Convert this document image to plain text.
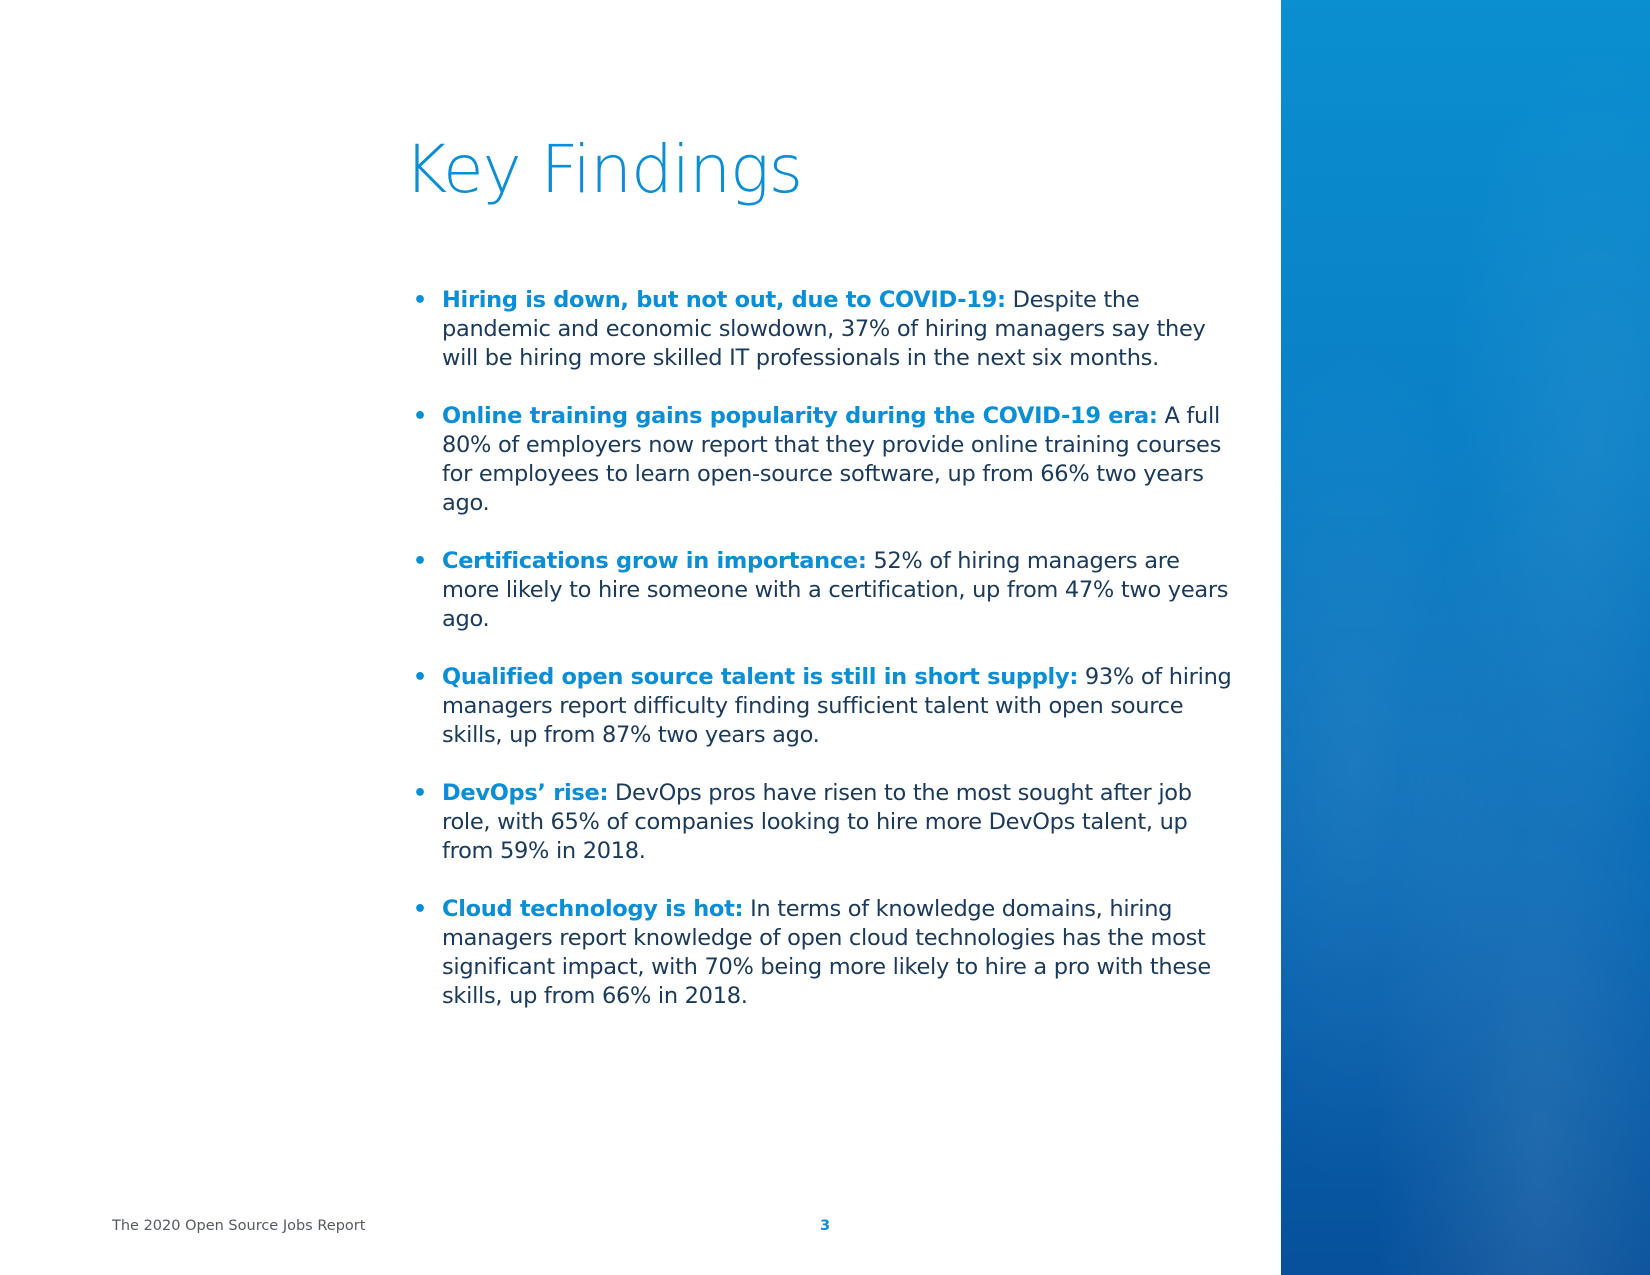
Key Findings
• Hiring is down, but not out, due to COVID-19: Despite the pandemic and economic slowdown, 37% of hiring managers say they will be hiring more skilled IT professionals in the next six months.
• Online training gains popularity during the COVID-19 era: A full 80% of employers now report that they provide online training courses for employees to learn open-source software, up from 66% two years ago.
• Certifications grow in importance: 52% of hiring managers are more likely to hire someone with a certification, up from 47% two years ago.
• Qualified open source talent is still in short supply: 93% of hiring managers report difficulty finding sufficient talent with open source skills, up from 87% two years ago.
• DevOps’ rise: DevOps pros have risen to the most sought after job role, with 65% of companies looking to hire more DevOps talent, up from 59% in 2018.
• Cloud technology is hot: In terms of knowledge domains, hiring managers report knowledge of open cloud technologies has the most significant impact, with 70% being more likely to hire a pro with these skills, up from 66% in 2018.
The 2020 Open Source Jobs Report	3
